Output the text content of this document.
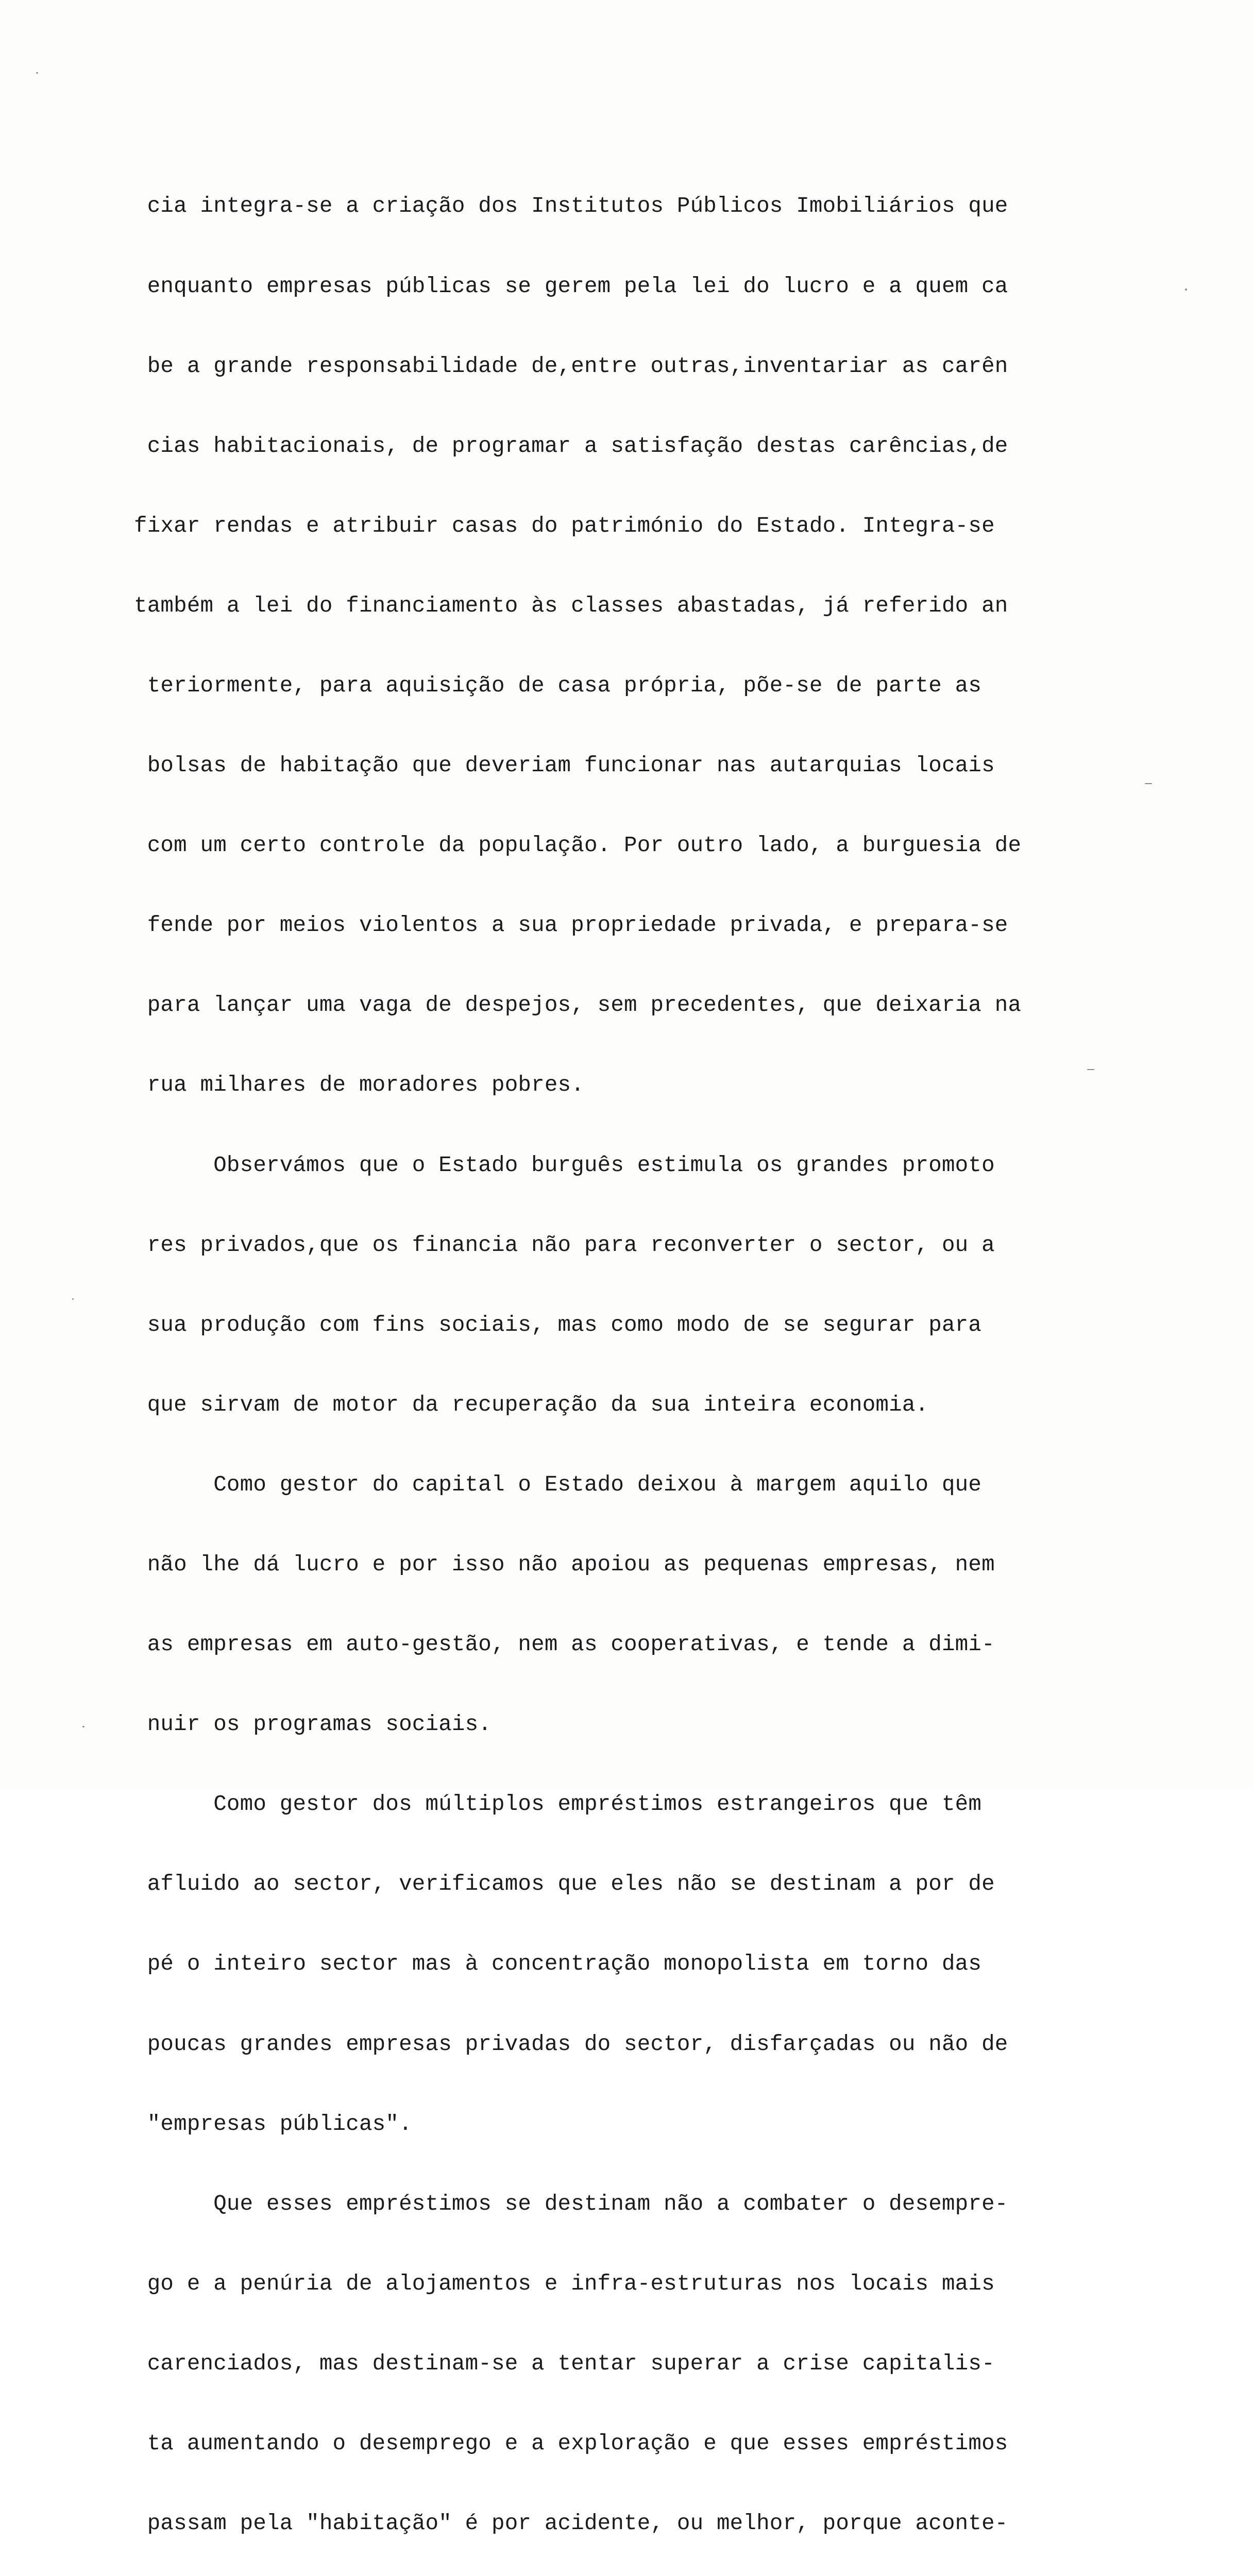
cia integra-se a criação dos Institutos Públicos Imobiliários que

enquanto empresas públicas se gerem pela lei do lucro e a quem ca

be a grande responsabilidade de,entre outras,inventariar as carên

cias habitacionais, de programar a satisfação destas carências,de

fixar rendas e atribuir casas do património do Estado. Integra-se

também a lei do financiamento às classes abastadas, já referido an

teriormente, para aquisição de casa própria, põe-se de parte as

bolsas de habitação que deveriam funcionar nas autarquias locais

com um certo controle da população. Por outro lado, a burguesia de

fende por meios violentos a sua propriedade privada, e prepara-se

para lançar uma vaga de despejos, sem precedentes, que deixaria na

rua milhares de moradores pobres.

Observámos que o Estado burguês estimula os grandes promoto

res privados,que os financia não para reconverter o sector, ou a

sua produção com fins sociais, mas como modo de se segurar para

que sirvam de motor da recuperação da sua inteira economia.

Como gestor do capital o Estado deixou à margem aquilo que

não lhe dá lucro e por isso não apoiou as pequenas empresas, nem

as empresas em auto-gestão, nem as cooperativas, e tende a dimi-

nuir os programas sociais.

Como gestor dos múltiplos empréstimos estrangeiros que têm

afluido ao sector, verificamos que eles não se destinam a por de

pé o inteiro sector mas à concentração monopolista em torno das

poucas grandes empresas privadas do sector, disfarçadas ou não de

"empresas públicas".

Que esses empréstimos se destinam não a combater o desempre-

go e a penúria de alojamentos e infra-estruturas nos locais mais

carenciados, mas destinam-se a tentar superar a crise capitalis-

ta aumentando o desemprego e a exploração e que esses empréstimos

passam pela "habitação" é por acidente, ou melhor, porque aconte-
